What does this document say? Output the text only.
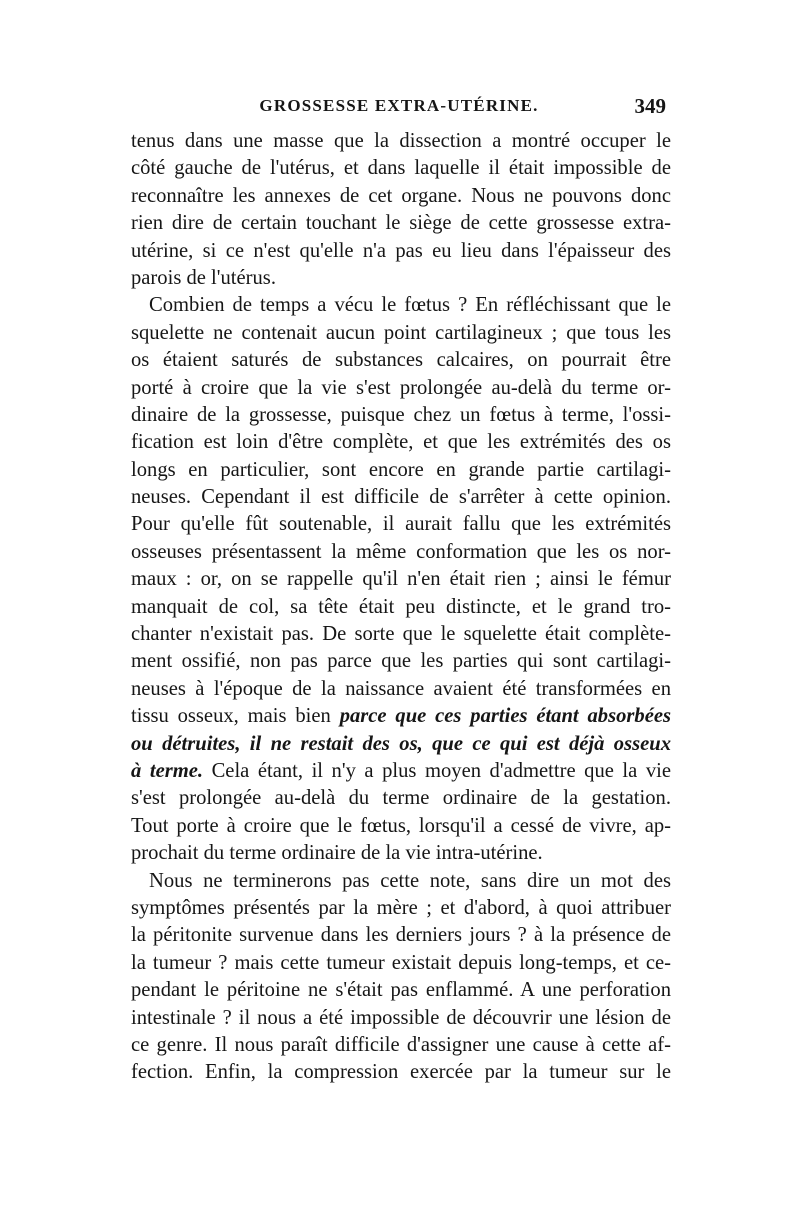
GROSSESSE EXTRA-UTÉRINE.	349
tenus dans une masse que la dissection a montré occuper le
côté gauche de l'utérus, et dans laquelle il était impossible de
reconnaître les annexes de cet organe. Nous ne pouvons donc
rien dire de certain touchant le siège de cette grossesse extra-
utérine, si ce n'est qu'elle n'a pas eu lieu dans l'épaisseur des
parois de l'utérus.
Combien de temps a vécu le fœtus ? En réfléchissant que le
squelette ne contenait aucun point cartilagineux ; que tous les
os étaient saturés de substances calcaires, on pourrait être
porté à croire que la vie s'est prolongée au-delà du terme or-
dinaire de la grossesse, puisque chez un fœtus à terme, l'ossi-
fication est loin d'être complète, et que les extrémités des os
longs en particulier, sont encore en grande partie cartilagi-
neuses. Cependant il est difficile de s'arrêter à cette opinion.
Pour qu'elle fût soutenable, il aurait fallu que les extrémités
osseuses présentassent la même conformation que les os nor-
maux : or, on se rappelle qu'il n'en était rien ; ainsi le fémur
manquait de col, sa tête était peu distincte, et le grand tro-
chanter n'existait pas. De sorte que le squelette était complète-
ment ossifié, non pas parce que les parties qui sont cartilagi-
neuses à l'époque de la naissance avaient été transformées en
tissu osseux, mais bien parce que ces parties étant absorbées
ou détruites, il ne restait des os, que ce qui est déjà osseux
à terme. Cela étant, il n'y a plus moyen d'admettre que la vie
s'est prolongée au-delà du terme ordinaire de la gestation.
Tout porte à croire que le fœtus, lorsqu'il a cessé de vivre, ap-
prochait du terme ordinaire de la vie intra-utérine.
Nous ne terminerons pas cette note, sans dire un mot des
symptômes présentés par la mère ; et d'abord, à quoi attribuer
la péritonite survenue dans les derniers jours ? à la présence de
la tumeur ? mais cette tumeur existait depuis long-temps, et ce-
pendant le péritoine ne s'était pas enflammé. A une perforation
intestinale ? il nous a été impossible de découvrir une lésion de
ce genre. Il nous paraît difficile d'assigner une cause à cette af-
fection. Enfin, la compression exercée par la tumeur sur le
